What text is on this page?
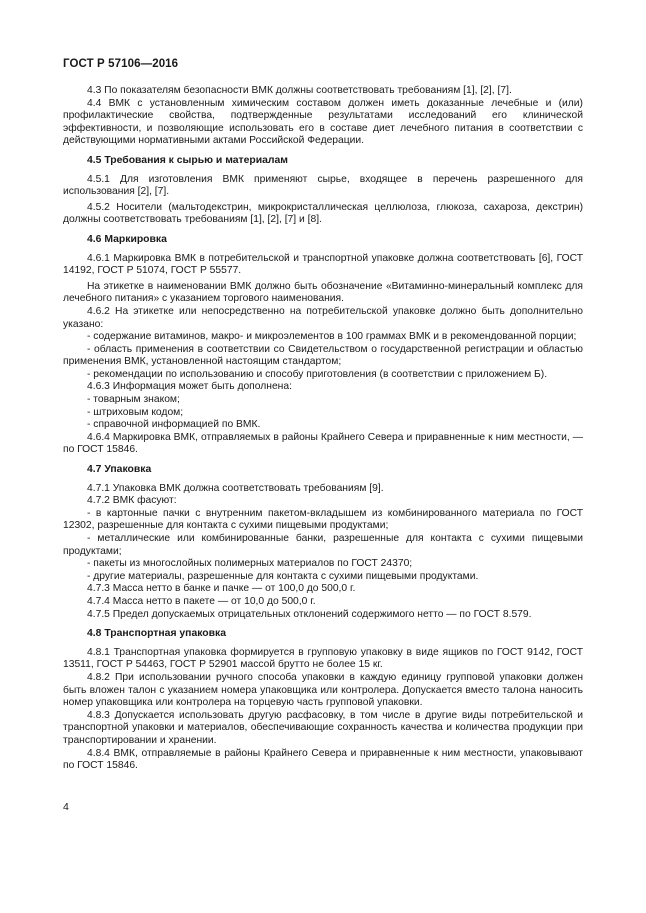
ГОСТ Р 57106—2016

4.3 По показателям безопасности ВМК должны соответствовать требованиям [1], [2], [7].

4.4 ВМК с установленным химическим составом должен иметь доказанные лечебные и (или) профилактические свойства, подтвержденные результатами исследований его клинической эффективности, и позволяющие использовать его в составе диет лечебного питания в соответствии с действующими нормативными актами Российской Федерации.

4.5 Требования к сырью и материалам

4.5.1 Для изготовления ВМК применяют сырье, входящее в перечень разрешенного для использования [2], [7].

4.5.2 Носители (мальтодекстрин, микрокристаллическая целлюлоза, глюкоза, сахароза, декстрин) должны соответствовать требованиям [1], [2], [7] и [8].

4.6 Маркировка

4.6.1 Маркировка ВМК в потребительской и транспортной упаковке должна соответствовать [6], ГОСТ 14192, ГОСТ Р 51074, ГОСТ Р 55577.

На этикетке в наименовании ВМК должно быть обозначение «Витаминно-минеральный комплекс для лечебного питания» с указанием торгового наименования.

4.6.2 На этикетке или непосредственно на потребительской упаковке должно быть дополнительно указано:

- содержание витаминов, макро- и микроэлементов в 100 граммах ВМК и в рекомендованной порции;

- область применения в соответствии со Свидетельством о государственной регистрации и областью применения ВМК, установленной настоящим стандартом;

- рекомендации по использованию и способу приготовления (в соответствии с приложением Б).

4.6.3 Информация может быть дополнена:

- товарным знаком;

- штриховым кодом;

- справочной информацией по ВМК.

4.6.4 Маркировка ВМК, отправляемых в районы Крайнего Севера и приравненные к ним местности, — по ГОСТ 15846.

4.7 Упаковка

4.7.1 Упаковка ВМК должна соответствовать требованиям [9].

4.7.2 ВМК фасуют:

- в картонные пачки с внутренним пакетом-вкладышем из комбинированного материала по ГОСТ 12302, разрешенные для контакта с сухими пищевыми продуктами;

- металлические или комбинированные банки, разрешенные для контакта с сухими пищевыми продуктами;

- пакеты из многослойных полимерных материалов по ГОСТ 24370;

- другие материалы, разрешенные для контакта с сухими пищевыми продуктами.

4.7.3 Масса нетто в банке и пачке — от 100,0 до 500,0 г.

4.7.4 Масса нетто в пакете — от 10,0 до 500,0 г.

4.7.5 Предел допускаемых отрицательных отклонений содержимого нетто — по ГОСТ 8.579.

4.8 Транспортная упаковка

4.8.1 Транспортная упаковка формируется в групповую упаковку в виде ящиков по ГОСТ 9142, ГОСТ 13511, ГОСТ Р 54463, ГОСТ Р 52901 массой брутто не более 15 кг.

4.8.2 При использовании ручного способа упаковки в каждую единицу групповой упаковки должен быть вложен талон с указанием номера упаковщика или контролера. Допускается вместо талона наносить номер упаковщика или контролера на торцевую часть групповой упаковки.

4.8.3 Допускается использовать другую расфасовку, в том числе в другие виды потребительской и транспортной упаковки и материалов, обеспечивающие сохранность качества и количества продукции при транспортировании и хранении.

4.8.4 ВМК, отправляемые в районы Крайнего Севера и приравненные к ним местности, упаковывают по ГОСТ 15846.

4
